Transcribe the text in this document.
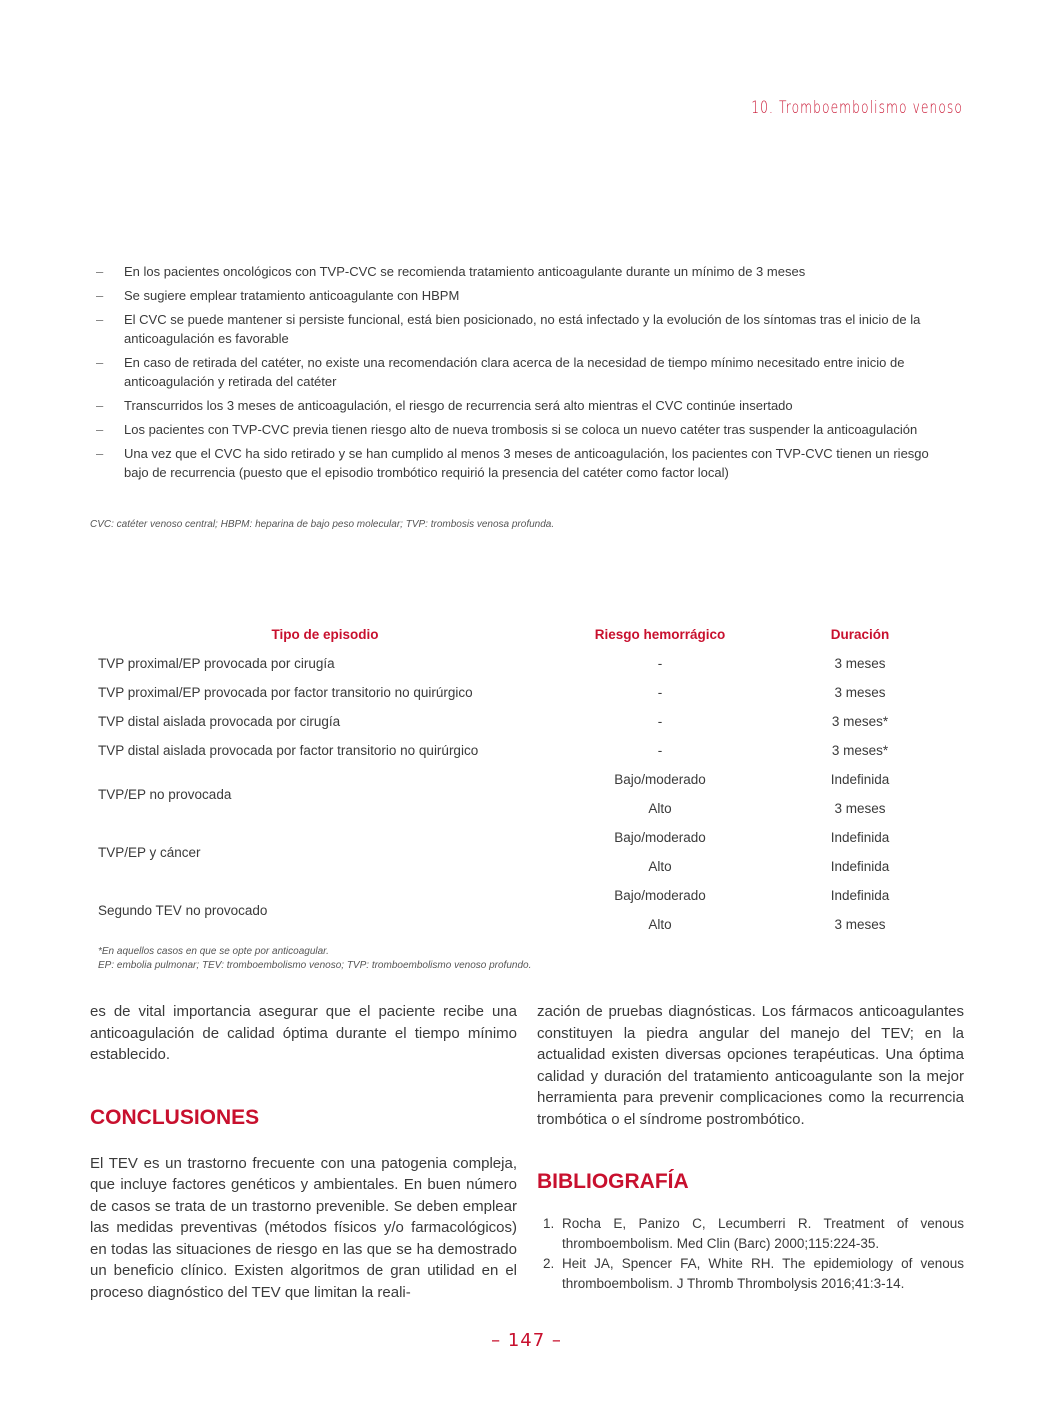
10. Tromboembolismo venoso
– En los pacientes oncológicos con TVP-CVC se recomienda tratamiento anticoagulante durante un mínimo de 3 meses
– Se sugiere emplear tratamiento anticoagulante con HBPM
– El CVC se puede mantener si persiste funcional, está bien posicionado, no está infectado y la evolución de los síntomas tras el inicio de la anticoagulación es favorable
– En caso de retirada del catéter, no existe una recomendación clara acerca de la necesidad de tiempo mínimo necesitado entre inicio de anticoagulación y retirada del catéter
– Transcurridos los 3 meses de anticoagulación, el riesgo de recurrencia será alto mientras el CVC continúe insertado
– Los pacientes con TVP-CVC previa tienen riesgo alto de nueva trombosis si se coloca un nuevo catéter tras suspender la anticoagulación
– Una vez que el CVC ha sido retirado y se han cumplido al menos 3 meses de anticoagulación, los pacientes con TVP-CVC tienen un riesgo bajo de recurrencia (puesto que el episodio trombótico requirió la presencia del catéter como factor local)
CVC: catéter venoso central; HBPM: heparina de bajo peso molecular; TVP: trombosis venosa profunda.
Tipo de episodio	Riesgo hemorrágico	Duración
TVP proximal/EP provocada por cirugía	-	3 meses
TVP proximal/EP provocada por factor transitorio no quirúrgico	-	3 meses
TVP distal aislada provocada por cirugía	-	3 meses*
TVP distal aislada provocada por factor transitorio no quirúrgico	-	3 meses*
TVP/EP no provocada	Bajo/moderado	Indefinida
	Alto	3 meses
TVP/EP y cáncer	Bajo/moderado	Indefinida
	Alto	Indefinida
Segundo TEV no provocado	Bajo/moderado	Indefinida
	Alto	3 meses
*En aquellos casos en que se opte por anticoagular.
EP: embolia pulmonar; TEV: tromboembolismo venoso; TVP: tromboembolismo venoso profundo.

es de vital importancia asegurar que el paciente recibe una anticoagulación de calidad óptima durante el tiempo mínimo establecido.

CONCLUSIONES

El TEV es un trastorno frecuente con una patogenia compleja, que incluye factores genéticos y ambientales. En buen número de casos se trata de un trastorno prevenible. Se deben emplear las medidas preventivas (métodos físicos y/o farmacológicos) en todas las situaciones de riesgo en las que se ha demostrado un beneficio clínico. Existen algoritmos de gran utilidad en el proceso diagnóstico del TEV que limitan la reali-

zación de pruebas diagnósticas. Los fármacos anticoagulantes constituyen la piedra angular del manejo del TEV; en la actualidad existen diversas opciones terapéuticas. Una óptima calidad y duración del tratamiento anticoagulante son la mejor herramienta para prevenir complicaciones como la recurrencia trombótica o el síndrome postrombótico.

BIBLIOGRAFÍA
1. Rocha E, Panizo C, Lecumberri R. Treatment of venous thromboembolism. Med Clin (Barc) 2000;115:224-35.
2. Heit JA, Spencer FA, White RH. The epidemiology of venous thromboembolism. J Thromb Thrombolysis 2016;41:3-14.
– 147 –
